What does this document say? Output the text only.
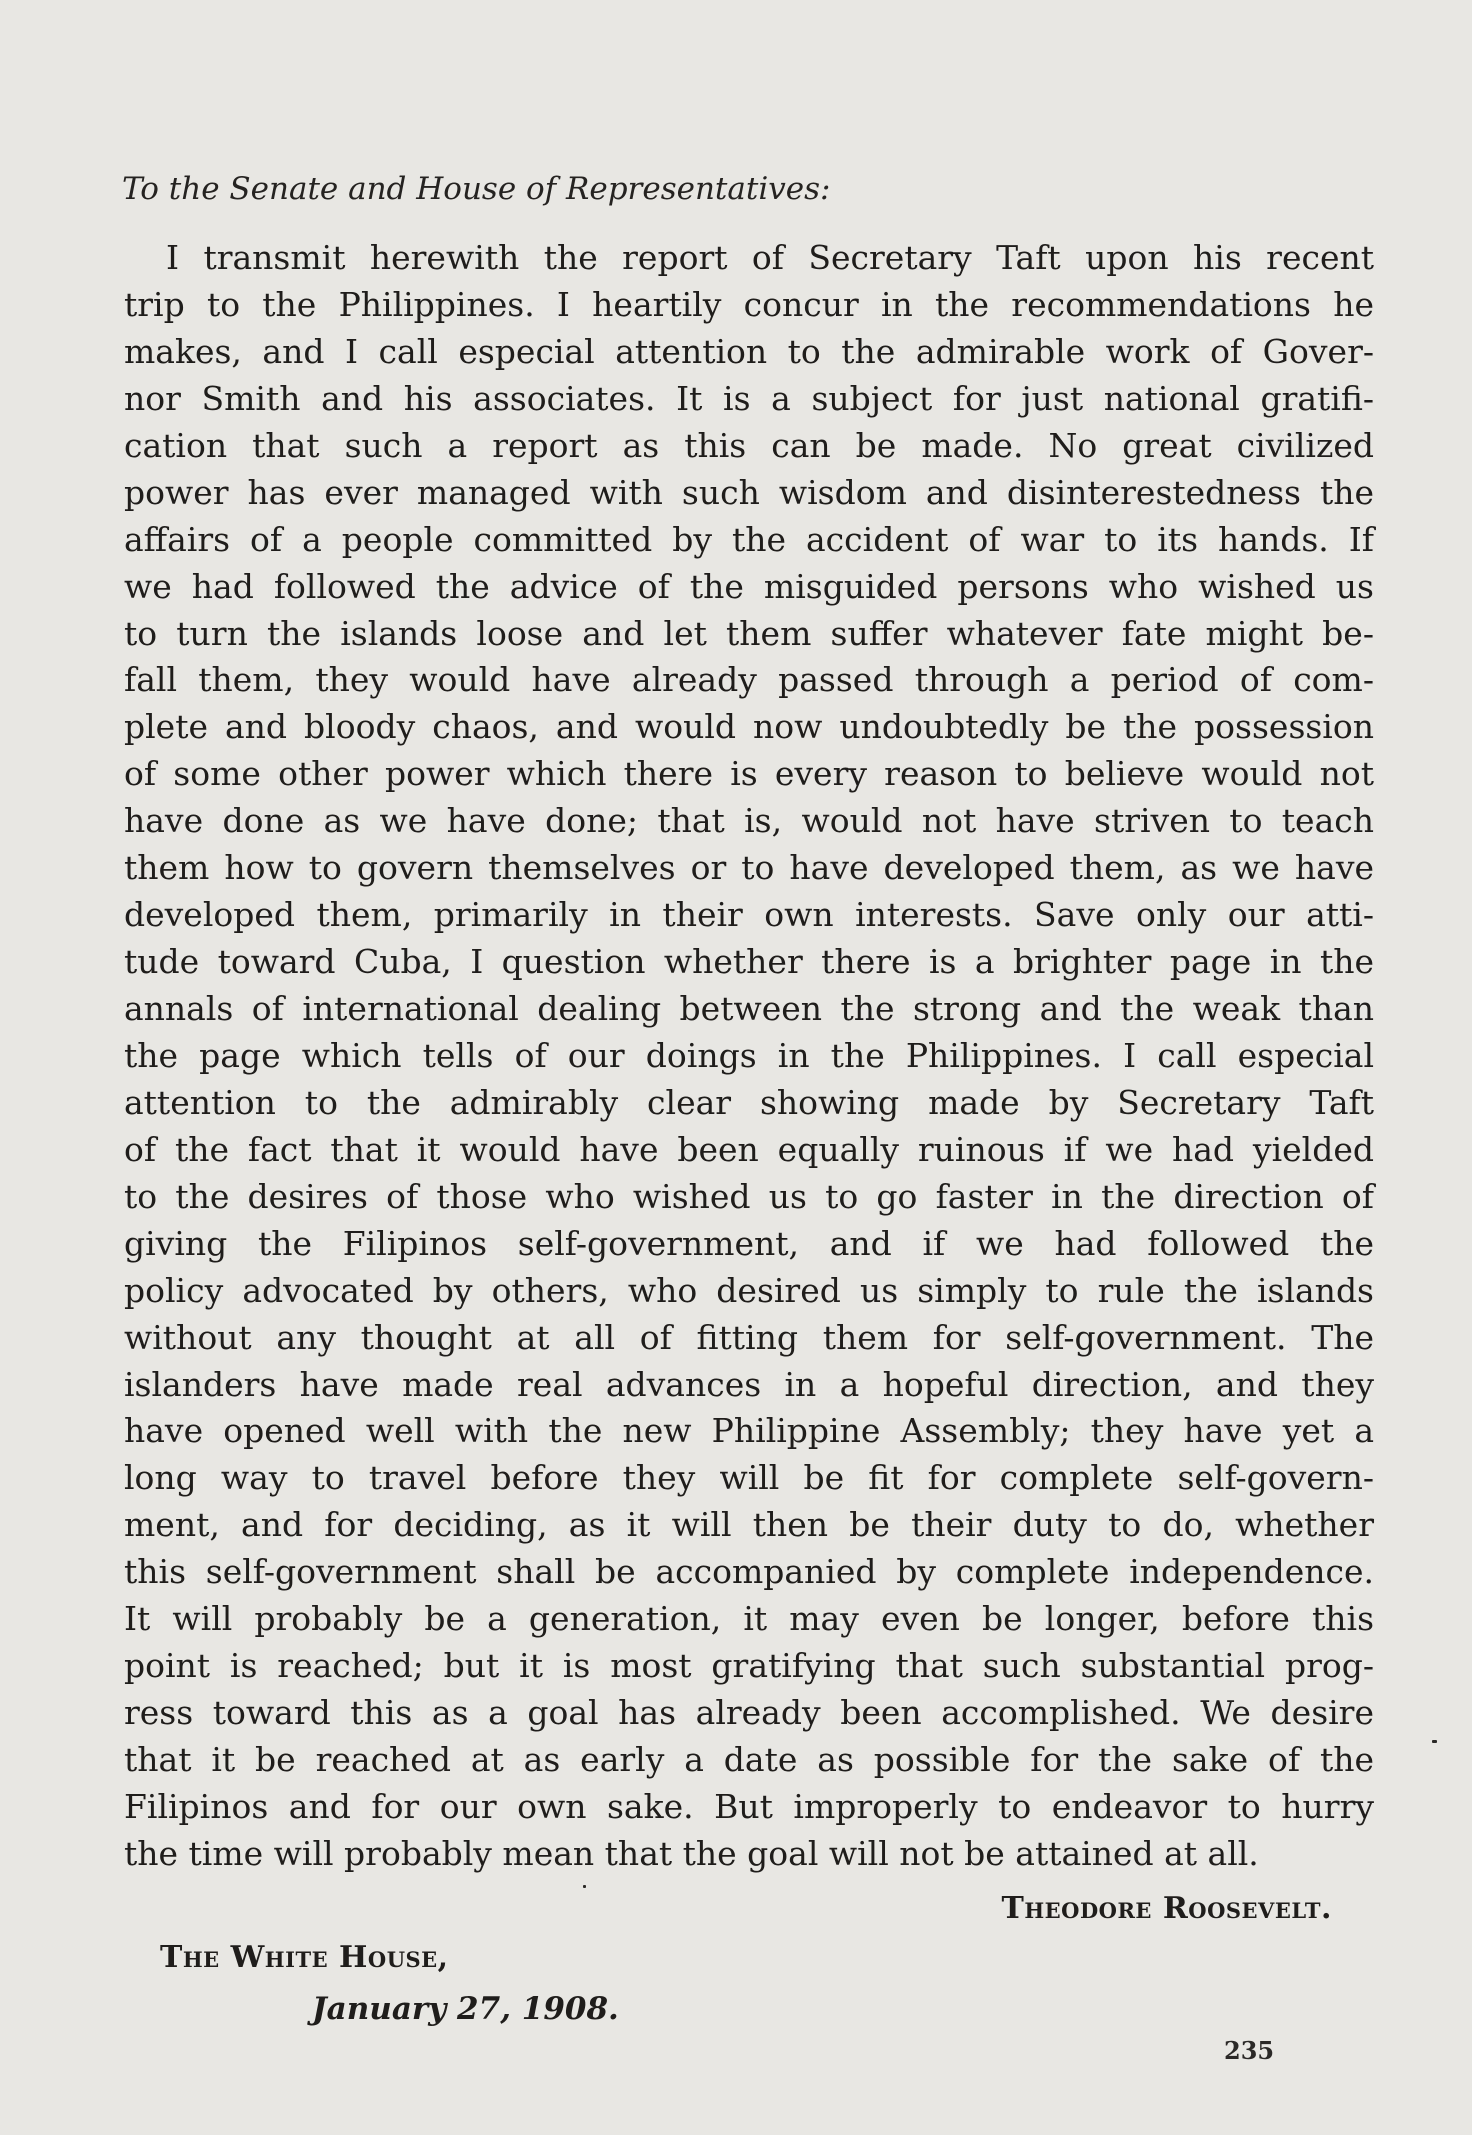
To the Senate and House of Representatives:
I transmit herewith the report of Secretary Taft upon his recent
trip to the Philippines. I heartily concur in the recommendations he
makes, and I call especial attention to the admirable work of Gover-
nor Smith and his associates. It is a subject for just national gratifi-
cation that such a report as this can be made. No great civilized
power has ever managed with such wisdom and disinterestedness the
affairs of a people committed by the accident of war to its hands. If
we had followed the advice of the misguided persons who wished us
to turn the islands loose and let them suffer whatever fate might be-
fall them, they would have already passed through a period of com-
plete and bloody chaos, and would now undoubtedly be the possession
of some other power which there is every reason to believe would not
have done as we have done; that is, would not have striven to teach
them how to govern themselves or to have developed them, as we have
developed them, primarily in their own interests. Save only our atti-
tude toward Cuba, I question whether there is a brighter page in the
annals of international dealing between the strong and the weak than
the page which tells of our doings in the Philippines. I call especial
attention to the admirably clear showing made by Secretary Taft
of the fact that it would have been equally ruinous if we had yielded
to the desires of those who wished us to go faster in the direction of
giving the Filipinos self-government, and if we had followed the
policy advocated by others, who desired us simply to rule the islands
without any thought at all of fitting them for self-government. The
islanders have made real advances in a hopeful direction, and they
have opened well with the new Philippine Assembly; they have yet a
long way to travel before they will be fit for complete self-govern-
ment, and for deciding, as it will then be their duty to do, whether
this self-government shall be accompanied by complete independence.
It will probably be a generation, it may even be longer, before this
point is reached; but it is most gratifying that such substantial prog-
ress toward this as a goal has already been accomplished. We desire
that it be reached at as early a date as possible for the sake of the
Filipinos and for our own sake. But improperly to endeavor to hurry
the time will probably mean that the goal will not be attained at all.
Theodore Roosevelt.
The White House,
January 27, 1908.
235
